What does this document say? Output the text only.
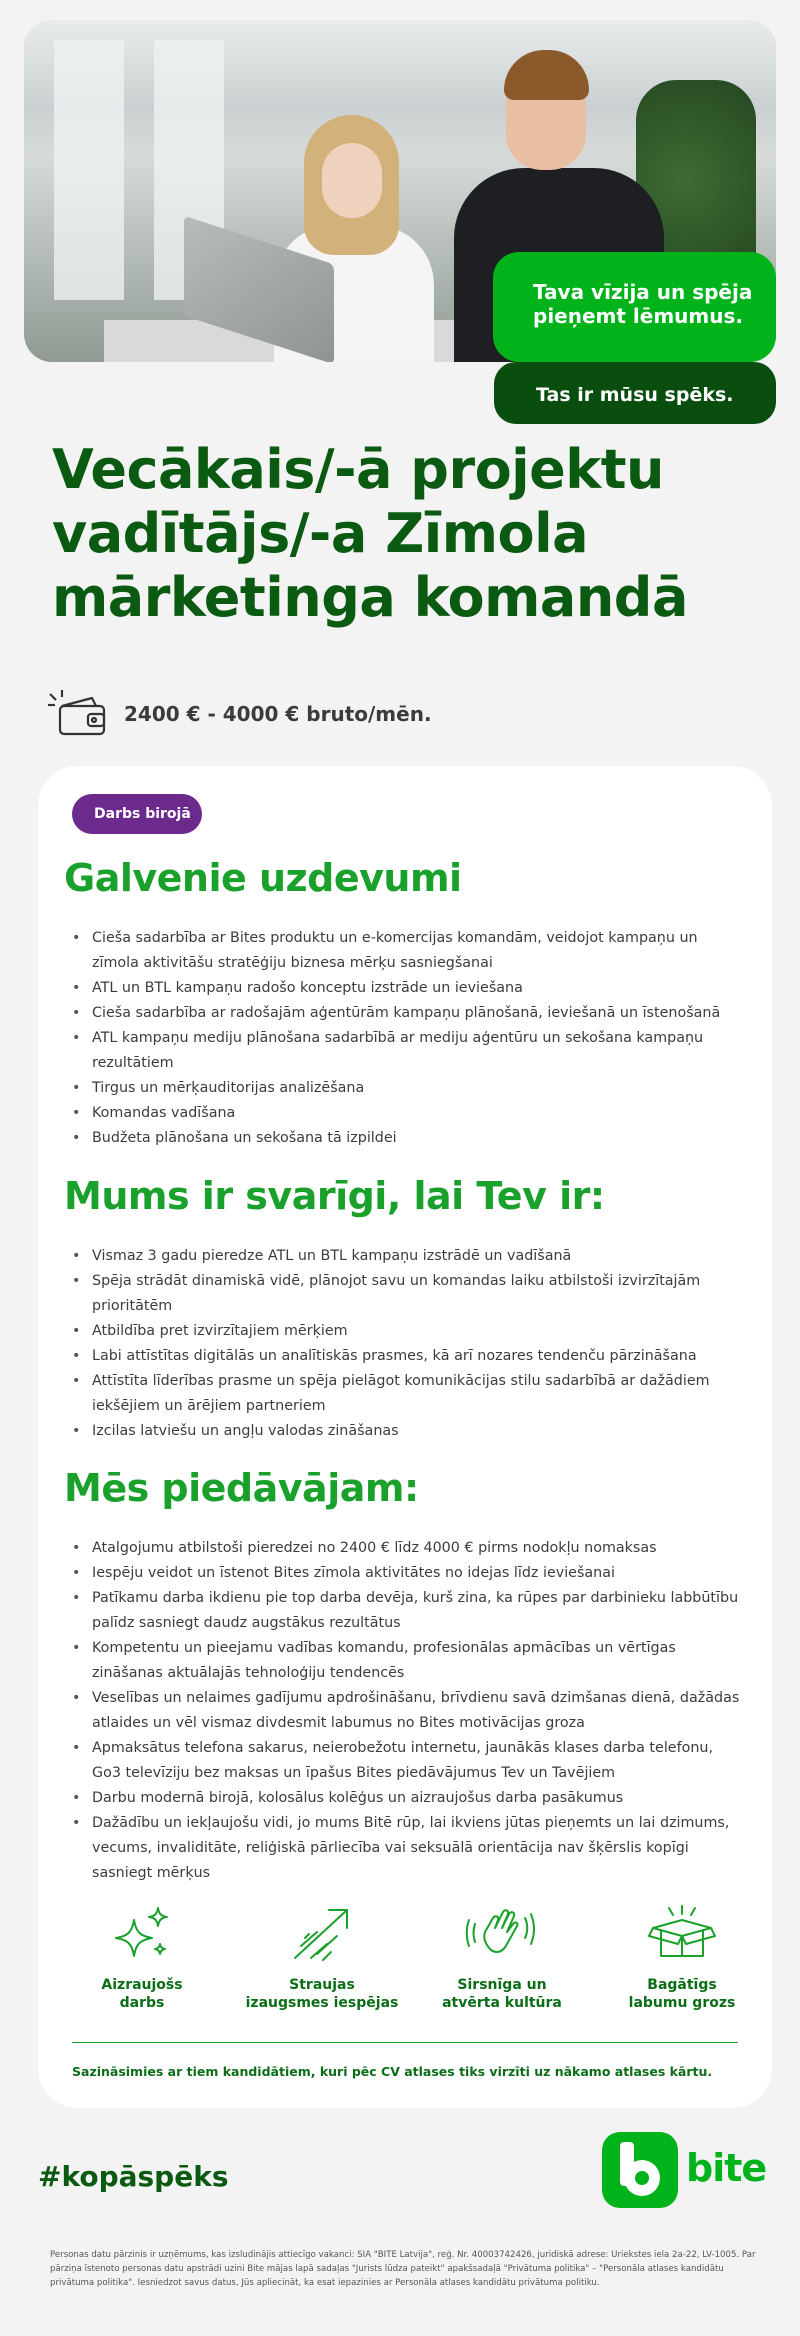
Tava vīzija un spēja pieņemt lēmumus.
Tas ir mūsu spēks.
Vecākais/-ā projektu vadītājs/-a Zīmola mārketinga komandā
2400 € - 4000 € bruto/mēn.
Darbs birojā
Galvenie uzdevumi
• Cieša sadarbība ar Bites produktu un e-komercijas komandām, veidojot kampaņu un zīmola aktivitāšu stratēģiju biznesa mērķu sasniegšanai
• ATL un BTL kampaņu radošo konceptu izstrāde un ieviešana
• Cieša sadarbība ar radošajām aģentūrām kampaņu plānošanā, ieviešanā un īstenošanā
• ATL kampaņu mediju plānošana sadarbībā ar mediju aģentūru un sekošana kampaņu rezultātiem
• Tirgus un mērķauditorijas analizēšana
• Komandas vadīšana
• Budžeta plānošana un sekošana tā izpildei
Mums ir svarīgi, lai Tev ir:
• Vismaz 3 gadu pieredze ATL un BTL kampaņu izstrādē un vadīšanā
• Spēja strādāt dinamiskā vidē, plānojot savu un komandas laiku atbilstoši izvirzītajām prioritātēm
• Atbildība pret izvirzītajiem mērķiem
• Labi attīstītas digitālās un analītiskās prasmes, kā arī nozares tendenču pārzināšana
• Attīstīta līderības prasme un spēja pielāgot komunikācijas stilu sadarbībā ar dažādiem iekšējiem un ārējiem partneriem
• Izcilas latviešu un angļu valodas zināšanas
Mēs piedāvājam:
• Atalgojumu atbilstoši pieredzei no 2400 € līdz 4000 € pirms nodokļu nomaksas
• Iespēju veidot un īstenot Bites zīmola aktivitātes no idejas līdz ieviešanai
• Patīkamu darba ikdienu pie top darba devēja, kurš zina, ka rūpes par darbinieku labbūtību palīdz sasniegt daudz augstākus rezultātus
• Kompetentu un pieejamu vadības komandu, profesionālas apmācības un vērtīgas zināšanas aktuālajās tehnoloģiju tendencēs
• Veselības un nelaimes gadījumu apdrošināšanu, brīvdienu savā dzimšanas dienā, dažādas atlaides un vēl vismaz divdesmit labumus no Bites motivācijas groza
• Apmaksātus telefona sakarus, neierobežotu internetu, jaunākās klases darba telefonu, Go3 televīziju bez maksas un īpašus Bites piedāvājumus Tev un Tavējiem
• Darbu modernā birojā, kolosālus kolēģus un aizraujošus darba pasākumus
• Dažādību un iekļaujošu vidi, jo mums Bitē rūp, lai ikviens jūtas pieņemts un lai dzimums, vecums, invaliditāte, reliģiskā pārliecība vai seksuālā orientācija nav šķērslis kopīgi sasniegt mērķus
Aizraujošs
darbs
Straujas
izaugsmes iespējas
Sirsnīga un
atvērta kultūra
Bagātīgs
labumu grozs
Sazināsimies ar tiem kandidātiem, kuri pēc CV atlases tiks virzīti uz nākamo atlases kārtu.
#kopāspēks	bite
Personas datu pārzinis ir uzņēmums, kas izsludinājis attiecīgo vakanci: SIA "BITE Latvija", reģ. Nr. 40003742426, juridiskā adrese: Uriekstes iela 2a-22, LV-1005. Par pārziņa īstenoto personas datu apstrādi uzini Bite mājas lapā sadaļas "Jurists lūdza pateikt" apakšsadaļā "Privātuma politika" – "Personāla atlases kandidātu privātuma politika". Iesniedzot savus datus, Jūs apliecināt, ka esat iepazinies ar Personāla atlases kandidātu privātuma politiku.
